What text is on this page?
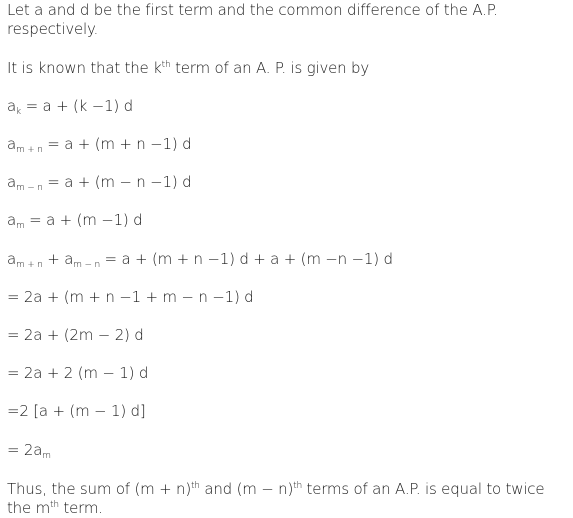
Let a and d be the first term and the common difference of the A.P.
respectively.
It is known that the $k^{th}$ term of an A. P. is given by
$a_k = a + (k -1)$ d
$a_{m + n} = a + (m + n -1)$ d
$a_{m - n} = a + (m - n -1)$ d
$a_m = a + (m -1)$ d
$a_{m + n} + a_{m - n} = a + (m + n -1) d + a + (m -n -1)$ d
= 2a + (m + n −1 + m − n −1) d
= 2a + (2m − 2) d
= 2a + 2 (m − 1) d
=2 [a + (m − 1) d]
= $2a_m$
Thus, the sum of $(m + n)^{th}$ and $(m - n)^{th}$ terms of an A.P. is equal to twice
the $m^{th}$ term.
